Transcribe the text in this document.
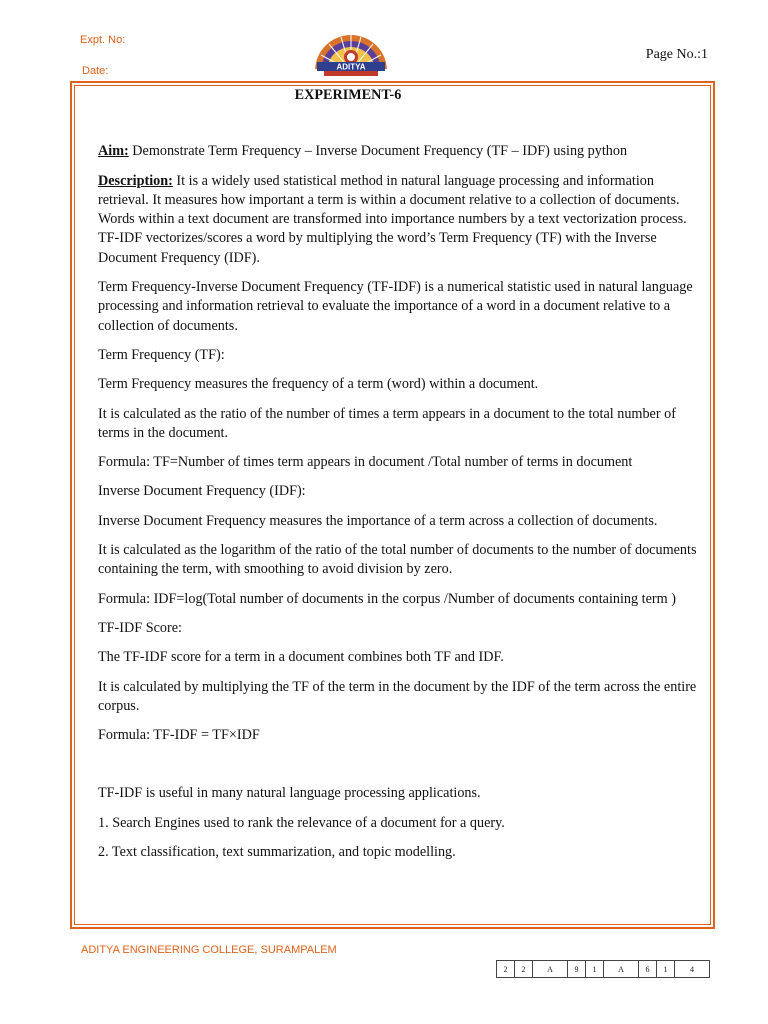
Expt. No:
Date:
Page No.:1
ADITYA
EXPERIMENT-6

Aim: Demonstrate Term Frequency – Inverse Document Frequency (TF – IDF) using python

Description: It is a widely used statistical method in natural language processing and information retrieval. It measures how important a term is within a document relative to a collection of documents. Words within a text document are transformed into importance numbers by a text vectorization process. TF-IDF vectorizes/scores a word by multiplying the word’s Term Frequency (TF) with the Inverse Document Frequency (IDF).

Term Frequency-Inverse Document Frequency (TF-IDF) is a numerical statistic used in natural language processing and information retrieval to evaluate the importance of a word in a document relative to a collection of documents.

Term Frequency (TF):

Term Frequency measures the frequency of a term (word) within a document.

It is calculated as the ratio of the number of times a term appears in a document to the total number of terms in the document.

Formula: TF=Number of times term appears in document /Total number of terms in document

Inverse Document Frequency (IDF):

Inverse Document Frequency measures the importance of a term across a collection of documents.

It is calculated as the logarithm of the ratio of the total number of documents to the number of documents containing the term, with smoothing to avoid division by zero.

Formula: IDF=log(Total number of documents in the corpus /Number of documents containing term )

TF-IDF Score:

The TF-IDF score for a term in a document combines both TF and IDF.

It is calculated by multiplying the TF of the term in the document by the IDF of the term across the entire corpus.

Formula: TF-IDF = TF×IDF

TF-IDF is useful in many natural language processing applications.

1. Search Engines used to rank the relevance of a document for a query.

2. Text classification, text summarization, and topic modelling.

ADITYA ENGINEERING COLLEGE, SURAMPALEM
2	2	A	9	1	A	6	1	4
